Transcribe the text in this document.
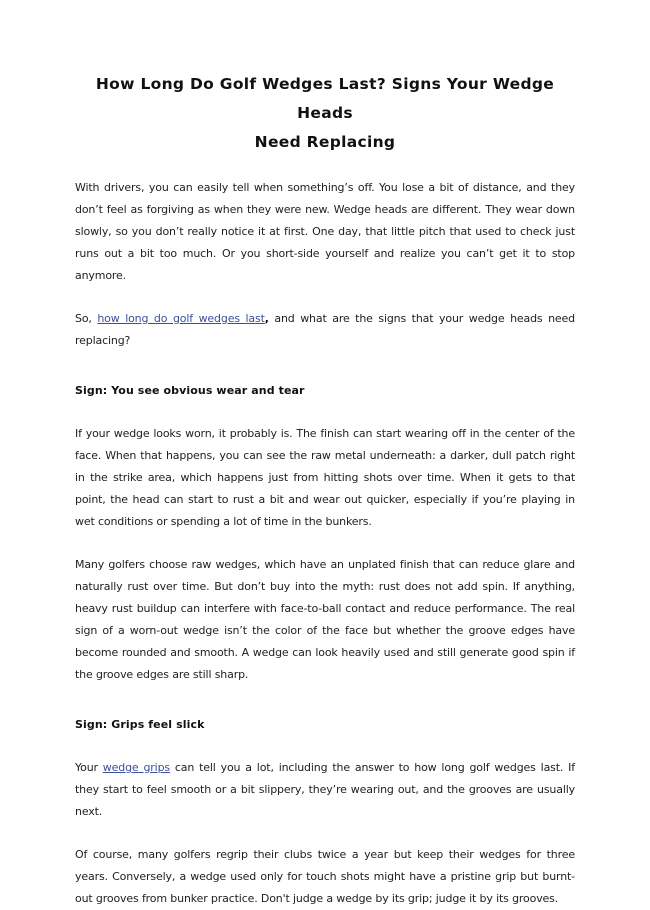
How Long Do Golf Wedges Last? Signs Your Wedge Heads
Need Replacing

With drivers, you can easily tell when something’s off. You lose a bit of distance, and they don’t feel as forgiving as when they were new. Wedge heads are different. They wear down slowly, so you don’t really notice it at first. One day, that little pitch that used to check just runs out a bit too much. Or you short-side yourself and realize you can’t get it to stop anymore.

So, how long do golf wedges last, and what are the signs that your wedge heads need replacing?

Sign: You see obvious wear and tear

If your wedge looks worn, it probably is. The finish can start wearing off in the center of the face. When that happens, you can see the raw metal underneath: a darker, dull patch right in the strike area, which happens just from hitting shots over time. When it gets to that point, the head can start to rust a bit and wear out quicker, especially if you’re playing in wet conditions or spending a lot of time in the bunkers.

Many golfers choose raw wedges, which have an unplated finish that can reduce glare and naturally rust over time. But don’t buy into the myth: rust does not add spin. If anything, heavy rust buildup can interfere with face-to-ball contact and reduce performance. The real sign of a worn-out wedge isn’t the color of the face but whether the groove edges have become rounded and smooth. A wedge can look heavily used and still generate good spin if the groove edges are still sharp.

Sign: Grips feel slick

Your wedge grips can tell you a lot, including the answer to how long golf wedges last. If they start to feel smooth or a bit slippery, they’re wearing out, and the grooves are usually next.

Of course, many golfers regrip their clubs twice a year but keep their wedges for three years. Conversely, a wedge used only for touch shots might have a pristine grip but burnt-out grooves from bunker practice. Don't judge a wedge by its grip; judge it by its grooves.
